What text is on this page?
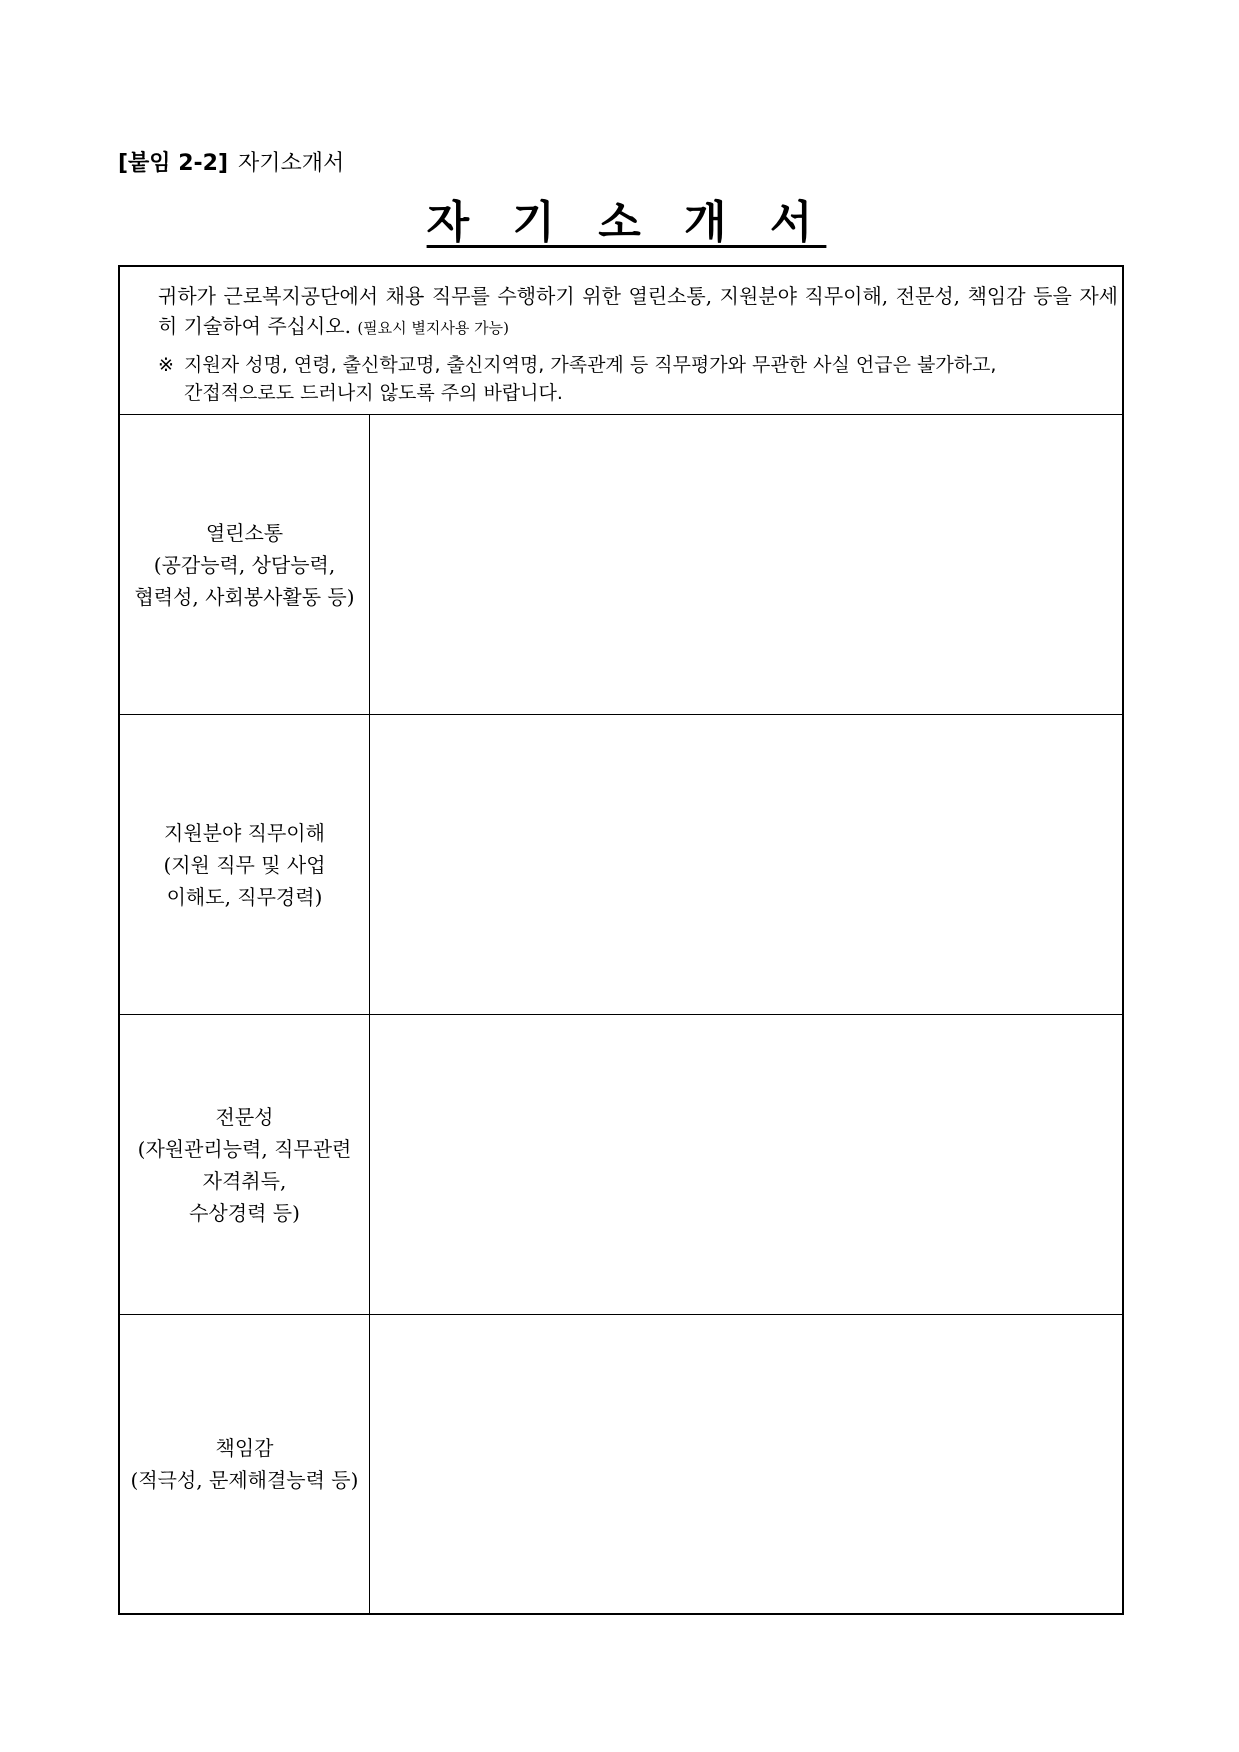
[붙임 2-2] 자기소개서
자 기 소 개 서
귀하가 근로복지공단에서 채용 직무를 수행하기 위한 열린소통, 지원분야 직무이해, 전문성, 책임감 등을 자세히 기술하여 주십시오. (필요시 별지사용 가능)
※ 지원자 성명, 연령, 출신학교명, 출신지역명, 가족관계 등 직무평가와 무관한 사실 언급은 불가하고,
간접적으로도 드러나지 않도록 주의 바랍니다.
열린소통
(공감능력, 상담능력,
협력성, 사회봉사활동 등)
지원분야 직무이해
(지원 직무 및 사업
이해도, 직무경력)
전문성
(자원관리능력, 직무관련
자격취득,
수상경력 등)
책임감
(적극성, 문제해결능력 등)
